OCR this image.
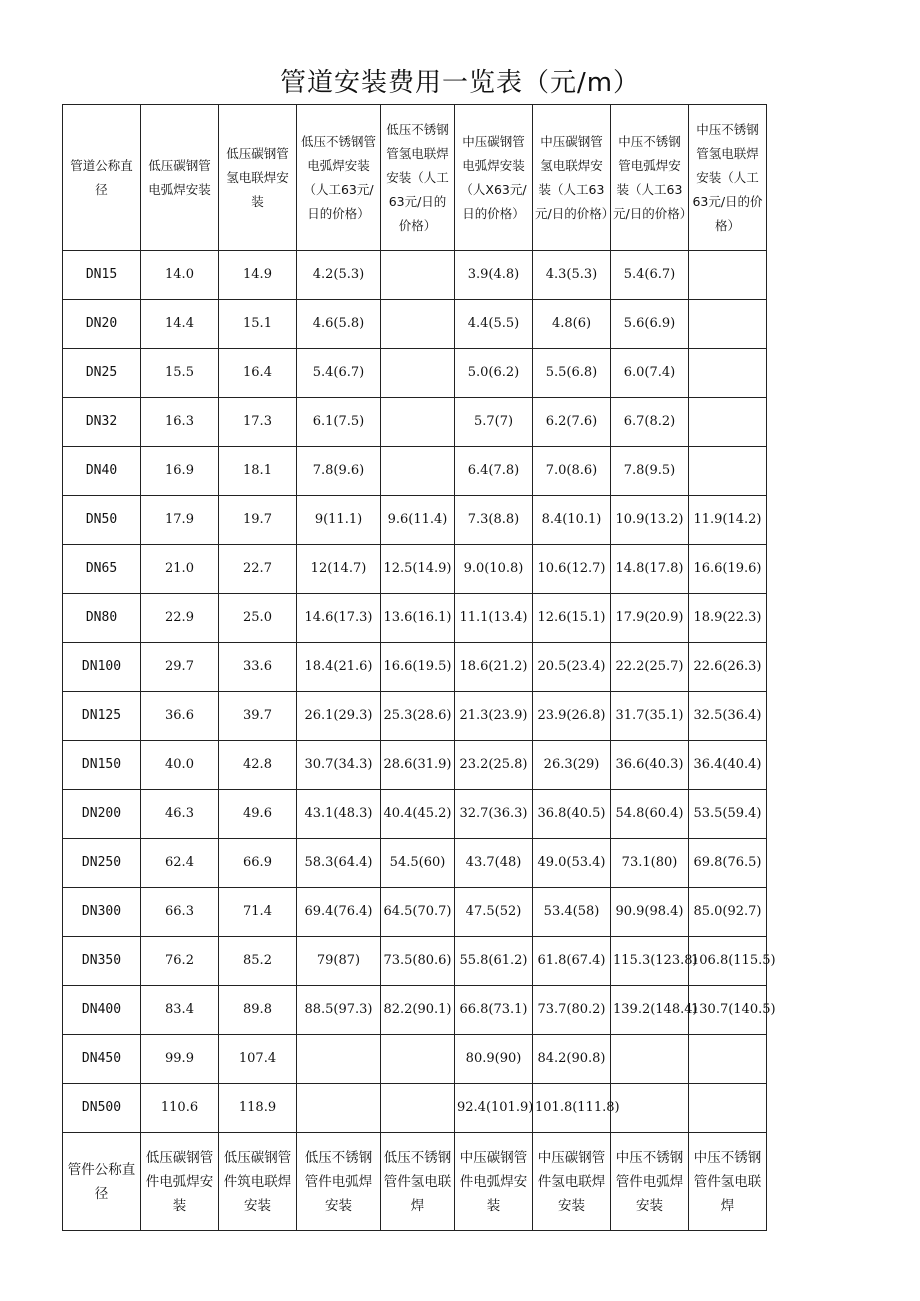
管道安装费用一览表（元/m）
管道公称直径	低压碳钢管电弧焊安装	低压碳钢管氢电联焊安装	低压不锈钢管电弧焊安装（人工63元/日的价格）	低压不锈钢管氢电联焊安装（人工63元/日的价格）	中压碳钢管电弧焊安装（人X63元/日的价格）	中压碳钢管氢电联焊安装（人工63元/日的价格）	中压不锈钢管电弧焊安装（人工63元/日的价格）	中压不锈钢管氢电联焊安装（人工63元/日的价格）
DN15	14.0	14.9	4.2(5.3)		3.9(4.8)	4.3(5.3)	5.4(6.7)	
DN20	14.4	15.1	4.6(5.8)		4.4(5.5)	4.8(6)	5.6(6.9)	
DN25	15.5	16.4	5.4(6.7)		5.0(6.2)	5.5(6.8)	6.0(7.4)	
DN32	16.3	17.3	6.1(7.5)		5.7(7)	6.2(7.6)	6.7(8.2)	
DN40	16.9	18.1	7.8(9.6)		6.4(7.8)	7.0(8.6)	7.8(9.5)	
DN50	17.9	19.7	9(11.1)	9.6(11.4)	7.3(8.8)	8.4(10.1)	10.9(13.2)	11.9(14.2)
DN65	21.0	22.7	12(14.7)	12.5(14.9)	9.0(10.8)	10.6(12.7)	14.8(17.8)	16.6(19.6)
DN80	22.9	25.0	14.6(17.3)	13.6(16.1)	11.1(13.4)	12.6(15.1)	17.9(20.9)	18.9(22.3)
DN100	29.7	33.6	18.4(21.6)	16.6(19.5)	18.6(21.2)	20.5(23.4)	22.2(25.7)	22.6(26.3)
DN125	36.6	39.7	26.1(29.3)	25.3(28.6)	21.3(23.9)	23.9(26.8)	31.7(35.1)	32.5(36.4)
DN150	40.0	42.8	30.7(34.3)	28.6(31.9)	23.2(25.8)	26.3(29)	36.6(40.3)	36.4(40.4)
DN200	46.3	49.6	43.1(48.3)	40.4(45.2)	32.7(36.3)	36.8(40.5)	54.8(60.4)	53.5(59.4)
DN250	62.4	66.9	58.3(64.4)	54.5(60)	43.7(48)	49.0(53.4)	73.1(80)	69.8(76.5)
DN300	66.3	71.4	69.4(76.4)	64.5(70.7)	47.5(52)	53.4(58)	90.9(98.4)	85.0(92.7)
DN350	76.2	85.2	79(87)	73.5(80.6)	55.8(61.2)	61.8(67.4)	115.3(123.8)	106.8(115.5)
DN400	83.4	89.8	88.5(97.3)	82.2(90.1)	66.8(73.1)	73.7(80.2)	139.2(148.4)	130.7(140.5)
DN450	99.9	107.4			80.9(90)	84.2(90.8)		
DN500	110.6	118.9			92.4(101.9)	101.8(111.8)		
管件公称直径	低压碳钢管件电弧焊安装	低压碳钢管件筑电联焊安装	低压不锈钢管件电弧焊安装	低压不锈钢管件氢电联焊	中压碳钢管件电弧焊安装	中压碳钢管件氢电联焊安装	中压不锈钢管件电弧焊安装	中压不锈钢管件氢电联焊
